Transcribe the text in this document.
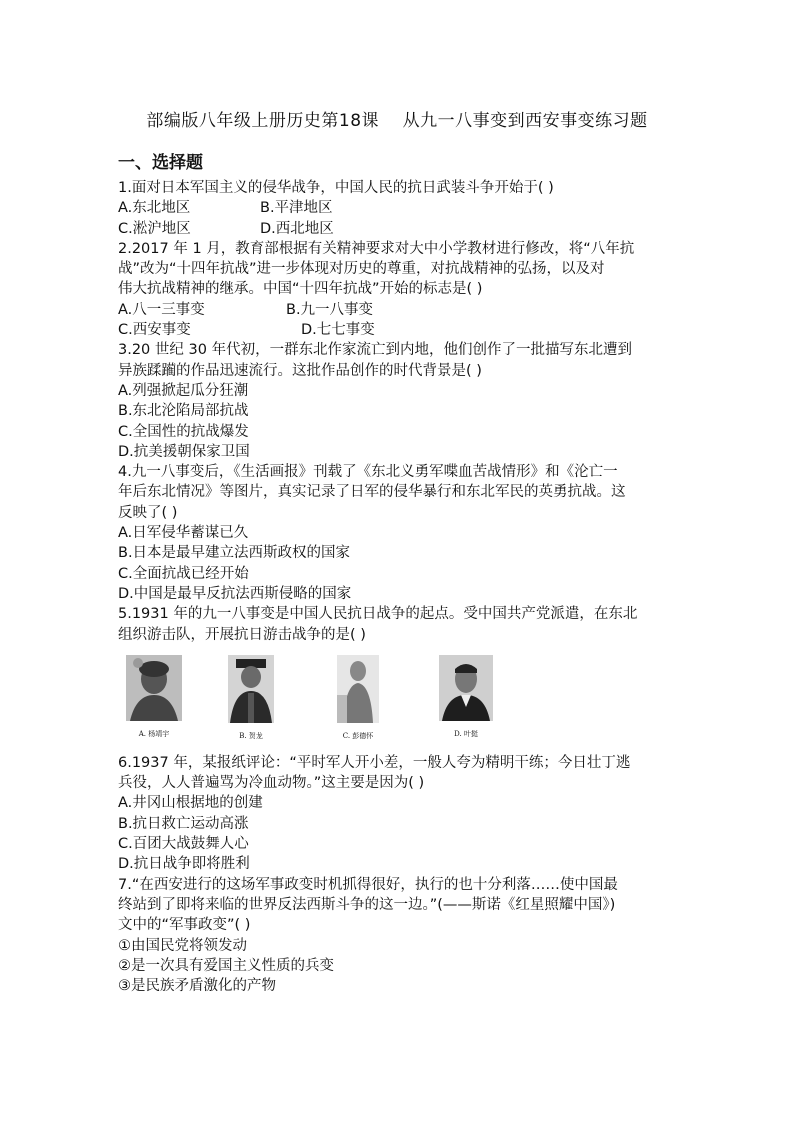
部编版八年级上册历史第18课    从九一八事变到西安事变练习题
一、选择题

1.面对日本军国主义的侵华战争，中国人民的抗日武装斗争开始于( )

A.东北地区	B.平津地区

C.淞沪地区	D.西北地区

2.2017 年 1 月，教育部根据有关精神要求对大中小学教材进行修改，将“八年抗

战”改为“十四年抗战”进一步体现对历史的尊重，对抗战精神的弘扬，以及对

伟大抗战精神的继承。中国“十四年抗战”开始的标志是( )

A.八一三事变	B.九一八事变

C.西安事变	D.七七事变

3.20 世纪 30 年代初，一群东北作家流亡到内地，他们创作了一批描写东北遭到

异族蹂躏的作品迅速流行。这批作品创作的时代背景是( )

A.列强掀起瓜分狂潮

B.东北沦陷局部抗战

C.全国性的抗战爆发

D.抗美援朝保家卫国

4.九一八事变后，《生活画报》刊载了《东北义勇军喋血苦战情形》和《沦亡一

年后东北情况》等图片，真实记录了日军的侵华暴行和东北军民的英勇抗战。这

反映了( )

A.日军侵华蓄谋已久

B.日本是最早建立法西斯政权的国家

C.全面抗战已经开始

D.中国是最早反抗法西斯侵略的国家

5.1931 年的九一八事变是中国人民抗日战争的起点。受中国共产党派遣，在东北

组织游击队，开展抗日游击战争的是( )

A. 杨靖宇	B. 贺龙	C. 彭德怀	D. 叶挺

6.1937 年，某报纸评论：“平时军人开小差，一般人夸为精明干练；今日壮丁逃

兵役，人人普遍骂为冷血动物。”这主要是因为( )

A.井冈山根据地的创建

B.抗日救亡运动高涨

C.百团大战鼓舞人心

D.抗日战争即将胜利

7.“在西安进行的这场军事政变时机抓得很好，执行的也十分利落……使中国最

终站到了即将来临的世界反法西斯斗争的这一边。”(——斯诺《红星照耀中国》)

文中的“军事政变”( )

①由国民党将领发动

②是一次具有爱国主义性质的兵变

③是民族矛盾激化的产物
